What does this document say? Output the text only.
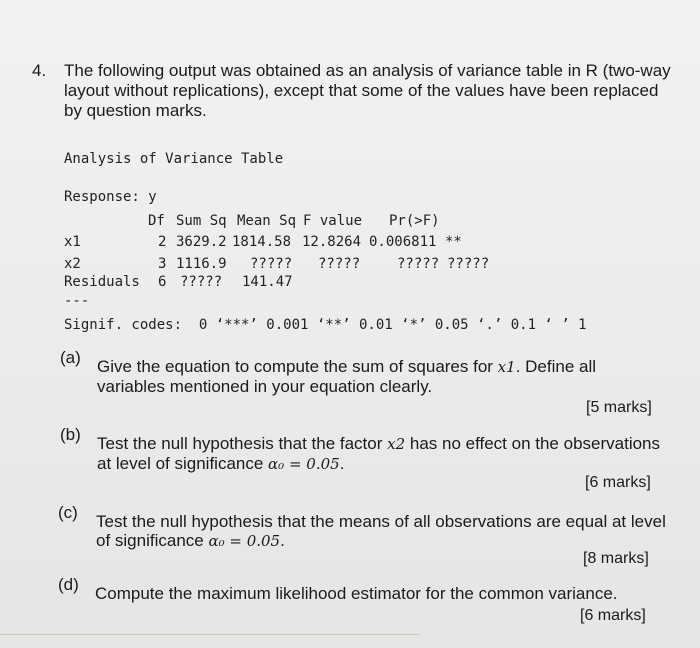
4. The following output was obtained as an analysis of variance table in R (two-way layout without replications), except that some of the values have been replaced by question marks.
Analysis of Variance Table
Response: y
Df Sum Sq Mean Sq F value Pr(>F)
x1	2 3629.2 1814.58 12.8264 0.006811 **
x2	3 1116.9 ????? ?????	????? ?????
Residuals 6 ????? 141.47
---
Signif. codes:  0 ‘***’ 0.001 ‘**’ 0.01 ‘*’ 0.05 ‘.’ 0.1 ‘ ’ 1
(a) Give the equation to compute the sum of squares for x1. Define all variables mentioned in your equation clearly.
[5 marks]
(b) Test the null hypothesis that the factor x2 has no effect on the observations at level of significance α₀ = 0.05.
[6 marks]
(c) Test the null hypothesis that the means of all observations are equal at level of significance α₀ = 0.05.
[8 marks]
(d) Compute the maximum likelihood estimator for the common variance.
[6 marks]
